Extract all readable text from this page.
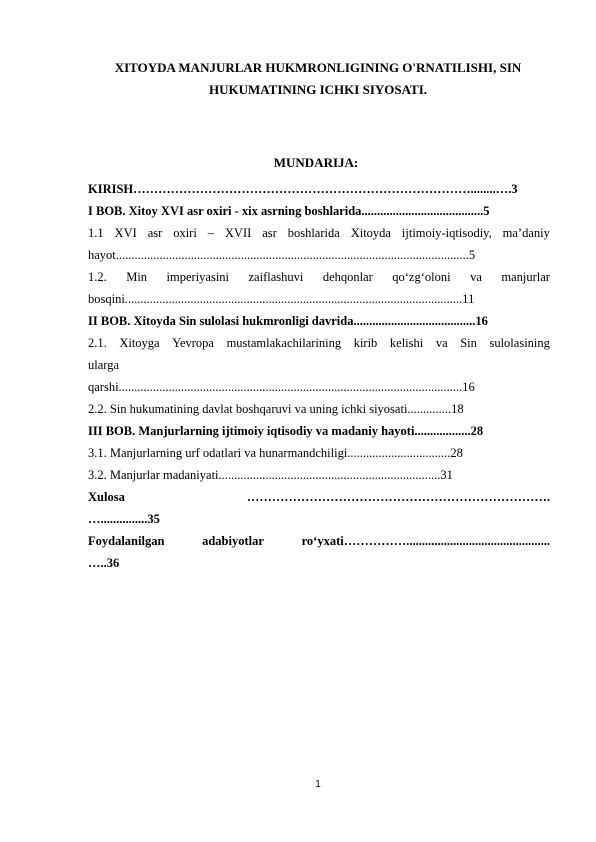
XITOYDA MANJURLAR HUKMRONLIGINING O'RNATILISHI, SIN
HUKUMATINING ICHKI SIYOSATI.
MUNDARIJA:
KIRISH………………………………………………………………………........….3
I BOB. Xitoy XVI asr oxiri - xix asrning boshlarida.......................................5
1.1 XVI asr oxiri – XVII asr boshlarida Xitoyda ijtimoiy-iqtisodiy, ma’daniy
hayot.................................................................................................................5
1.2. Min imperiyasini zaiflashuvi dehqonlar qo‘zg‘oloni va manjurlar
bosqini............................................................................................................11
II BOB. Xitoyda Sin sulolasi hukmronligi davrida.......................................16
2.1. Xitoyga Yevropa mustamlakachilarining kirib kelishi va Sin sulolasining
ularga
qarshi..............................................................................................................16
2.2. Sin hukumatining davlat boshqaruvi va uning ichki siyosati..............18
III BOB. Manjurlarning ijtimoiy iqtisodiy va madaniy hayoti..................28
3.1. Manjurlarning urf odatlari va hunarmandchiligi.................................28
3.2. Manjurlar madaniyati.......................................................................31
Xulosa	……………………………………………………………….
…...............35
Foydalanilgan	adabiyotlar	ro‘yxati…………… ..............................................
…..36
1
